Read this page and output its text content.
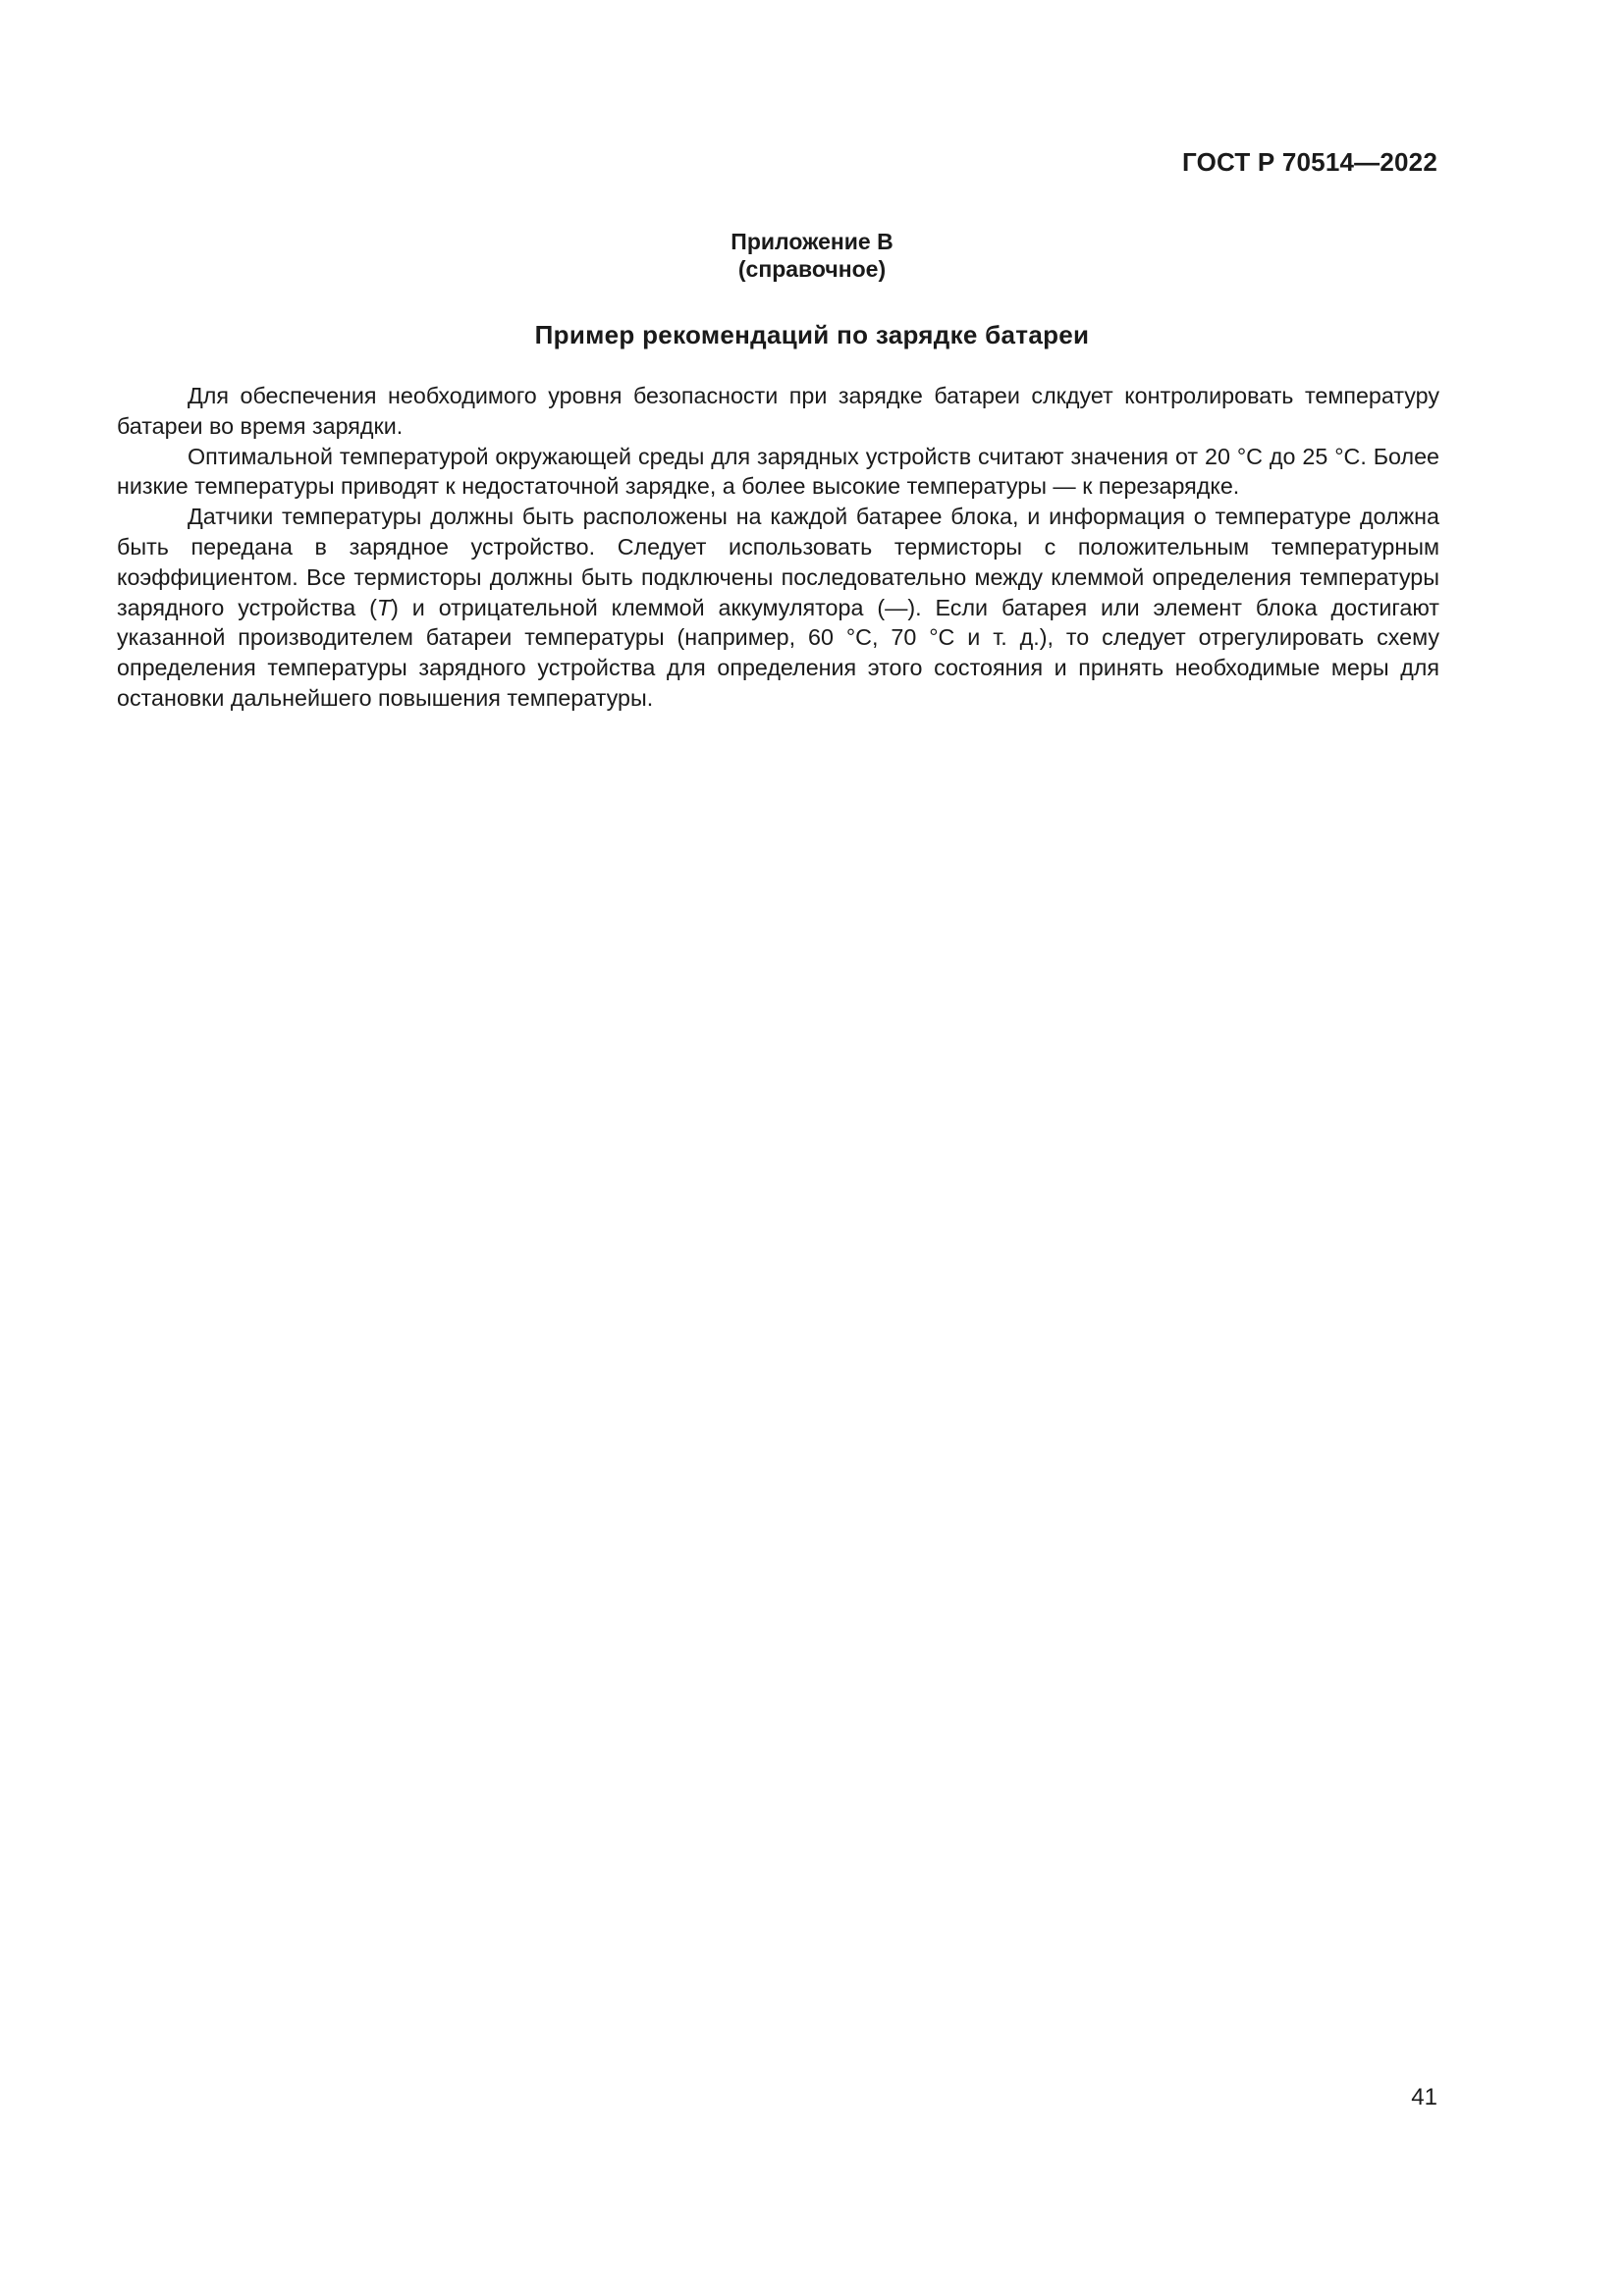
ГОСТ Р 70514—2022
Приложение В
(справочное)
Пример рекомендаций по зарядке батареи

Для обеспечения необходимого уровня безопасности при зарядке батареи слкдует контролировать температуру батареи во время зарядки.

Оптимальной температурой окружающей среды для зарядных устройств считают значения от 20 °С до 25 °С. Более низкие температуры приводят к недостаточной зарядке, а более высокие температуры — к перезарядке.

Датчики температуры должны быть расположены на каждой батарее блока, и информация о температуре должна быть передана в зарядное устройство. Следует использовать термисторы с положительным температурным коэффициентом. Все термисторы должны быть подключены последовательно между клеммой определения температуры зарядного устройства (T) и отрицательной клеммой аккумулятора (—). Если батарея или элемент блока достигают указанной производителем батареи температуры (например, 60 °С, 70 °С и т. д.), то следует отрегулировать схему определения температуры зарядного устройства для определения этого состояния и принять необходимые меры для остановки дальнейшего повышения температуры.

41
